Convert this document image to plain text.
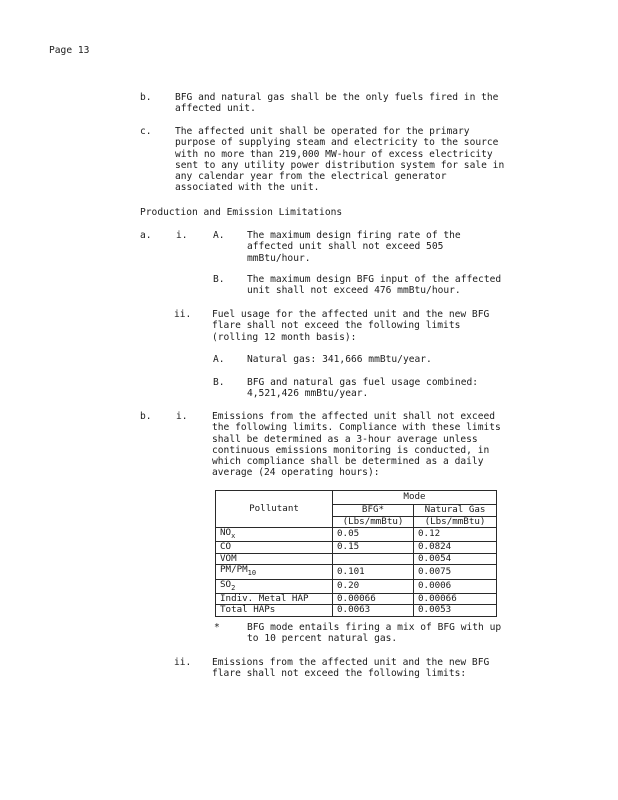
Page 13
b. BFG and natural gas shall be the only fuels fired in the
affected unit.
c. The affected unit shall be operated for the primary
purpose of supplying steam and electricity to the source
with no more than 219,000 MW-hour of excess electricity
sent to any utility power distribution system for sale in
any calendar year from the electrical generator
associated with the unit.
Production and Emission Limitations
a.	i.	A. The maximum design firing rate of the
affected unit shall not exceed 505
mmBtu/hour.
B. The maximum design BFG input of the affected
unit shall not exceed 476 mmBtu/hour.
ii. Fuel usage for the affected unit and the new BFG
flare shall not exceed the following limits
(rolling 12 month basis):
A. Natural gas: 341,666 mmBtu/year.
B. BFG and natural gas fuel usage combined:
4,521,426 mmBtu/year.
b.	i.	Emissions from the affected unit shall not exceed
the following limits. Compliance with these limits
shall be determined as a 3-hour average unless
continuous emissions monitoring is conducted, in
which compliance shall be determined as a daily
average (24 operating hours):
Pollutant	Mode	
	BFG*	Natural Gas
	(Lbs/mmBtu)	(Lbs/mmBtu)
$NO_x$	0.05	0.12
CO	0.15	0.0824
VOM		0.0054
$PM/PM_{10}$	0.101	0.0075
$SO_2$	0.20	0.0006
Indiv. Metal HAP	0.00066	0.00066
Total HAPs	0.0063	0.0053
*	BFG mode entails firing a mix of BFG with up
to 10 percent natural gas.
ii. Emissions from the affected unit and the new BFG
flare shall not exceed the following limits:
